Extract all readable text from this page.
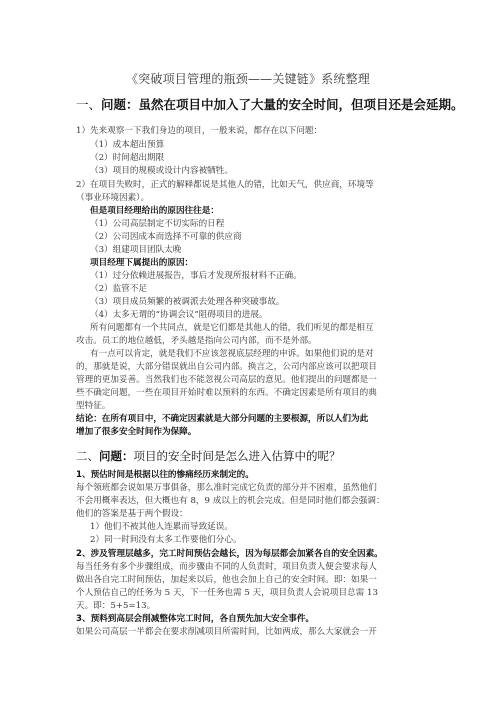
《突破项目管理的瓶颈——关键链》系统整理
一、问题：虽然在项目中加入了大量的安全时间，但项目还是会延期。
1）先来观察一下我们身边的项目，一般来说，都存在以下问题：
（1）成本超出预算
（2）时间超出期限
（3）项目的规模或设计内容被牺牲。
2）在项目失败时，正式的解释都说是其他人的错，比如天气，供应商，环境等
（事业环境因素）。
但是项目经理给出的原因往往是：
（1）公司高层制定不切实际的日程
（2）公司因成本而选择不可靠的供应商
（3）组建项目团队太晚
项目经理下属提出的原因：
（1）过分依赖进展报告，事后才发现所报材料不正确。
（2）监管不足
（3）项目成员频繁的被调派去处理各种突破事故。
（4）太多无谓的“协调会议”阻碍项目的进展。
所有问题都有一个共同点，就是它们都是其他人的错，我们听见的都是相互
攻击。员工的地位越低，矛头越是指向公司内部，而不是外部。
有一点可以肯定，就是我们不应该忽视底层经理的申诉。如果他们说的是对
的，那就是说，大部分错误就出自公司内部。换言之，公司内部应该可以把项目
管理的更加妥善。当然我们也不能忽视公司高层的意见。他们提出的问题都是一
些不确定问题，一些在项目开始时难以预料的东西。不确定因素是所有项目的典
型特征。
结论：在所有项目中，不确定因素就是大部分问题的主要根源，所以人们为此
增加了很多安全时间作为保障。
二、问题：项目的安全时间是怎么进入估算中的呢？
1、预估时间是根据以往的惨痛经历来制定的。
每个领班都会说如果万事俱备，那么准时完成它负责的部分并不困难，虽然他们
不会用概率表达，但大概也有 8，9 成以上的机会完成。但是同时他们都会强调：
他们的答案是基于两个假设：
1）他们不被其他人连累而导致延误。
2）同一时间没有太多工作要他们分心。
2、涉及管理层越多，完工时间预估会越长，因为每层都会加紧各自的安全因素。
每当任务有多个步骤组成，而步骤由不同的人负责时，项目负责人便会要求每人
做出各自完工时间预估，加起来以后，他也会加上自己的安全时间。即：如果一
个人预估自己的任务为 5 天，下一任务也需 5 天，项目负责人会说项目总需 13
天。即：5+5=13。
3、预料到高层会削减整体完工时间，各自预先加大安全事件。
如果公司高层一半都会在要求削减项目所需时间，比如两成，那么大家就会一开
